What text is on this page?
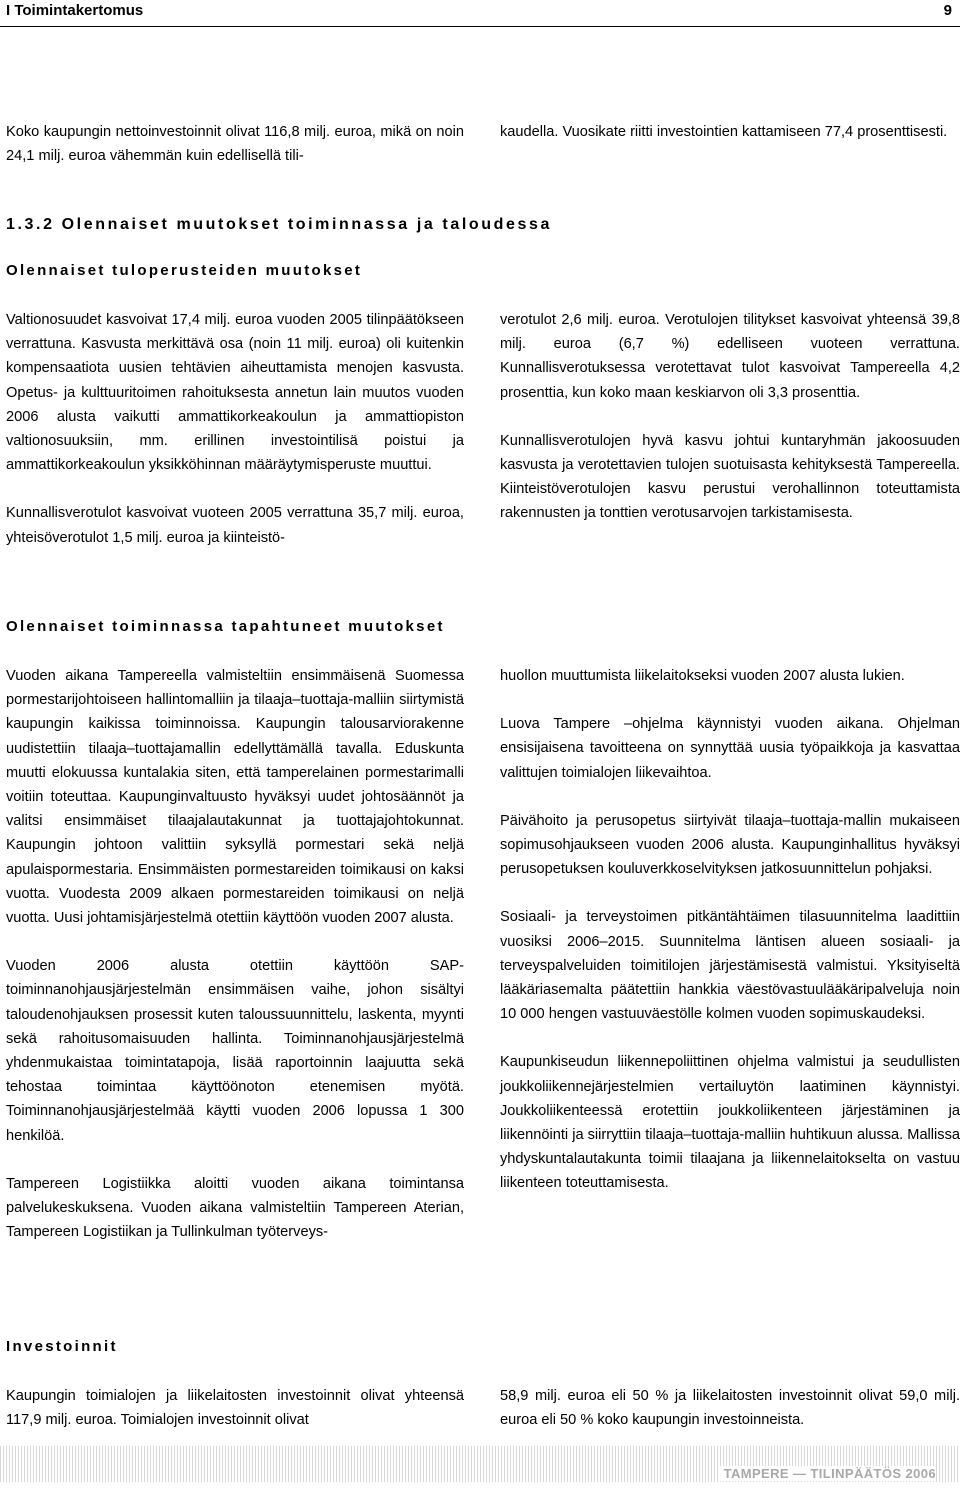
I Toimintakertomus	9

Koko kaupungin nettoinvestoinnit olivat 116,8 milj. euroa, mikä on noin 24,1 milj. euroa vähemmän kuin edellisellä tili-

kaudella. Vuosikate riitti investointien kattamiseen 77,4 prosenttisesti.

1.3.2 Olennaiset muutokset toiminnassa ja taloudessa
Olennaiset tuloperusteiden muutokset

Valtionosuudet kasvoivat 17,4 milj. euroa vuoden 2005 tilinpäätökseen verrattuna. Kasvusta merkittävä osa (noin 11 milj. euroa) oli kuitenkin kompensaatiota uusien tehtävien aiheuttamista menojen kasvusta. Opetus- ja kulttuuritoimen rahoituksesta annetun lain muutos vuoden 2006 alusta vaikutti ammattikorkeakoulun ja ammattiopiston valtionosuuksiin, mm. erillinen investointilisä poistui ja ammattikorkeakoulun yksikköhinnan määräytymisperuste muuttui.

Kunnallisverotulot kasvoivat vuoteen 2005 verrattuna 35,7 milj. euroa, yhteisöverotulot 1,5 milj. euroa ja kiinteistö-

verotulot 2,6 milj. euroa. Verotulojen tilitykset kasvoivat yhteensä 39,8 milj. euroa (6,7 %) edelliseen vuoteen verrattuna. Kunnallisverotuksessa verotettavat tulot kasvoivat Tampereella 4,2 prosenttia, kun koko maan keskiarvon oli 3,3 prosenttia.

Kunnallisverotulojen hyvä kasvu johtui kuntaryhmän jakoosuuden kasvusta ja verotettavien tulojen suotuisasta kehityksestä Tampereella. Kiinteistöverotulojen kasvu perustui verohallinnon toteuttamista rakennusten ja tonttien verotusarvojen tarkistamisesta.

Olennaiset toiminnassa tapahtuneet muutokset

Vuoden aikana Tampereella valmisteltiin ensimmäisenä Suomessa pormestarijohtoiseen hallintomalliin ja tilaaja–tuottaja-malliin siirtymistä kaupungin kaikissa toiminnoissa. Kaupungin talousarviorakenne uudistettiin tilaaja–tuottajamallin edellyttämällä tavalla. Eduskunta muutti elokuussa kuntalakia siten, että tamperelainen pormestarimalli voitiin toteuttaa. Kaupunginvaltuusto hyväksyi uudet johtosäännöt ja valitsi ensimmäiset tilaajalautakunnat ja tuottajajohtokunnat. Kaupungin johtoon valittiin syksyllä pormestari sekä neljä apulaispormestaria. Ensimmäisten pormestareiden toimikausi on kaksi vuotta. Vuodesta 2009 alkaen pormestareiden toimikausi on neljä vuotta. Uusi johtamisjärjestelmä otettiin käyttöön vuoden 2007 alusta.

Vuoden 2006 alusta otettiin käyttöön SAP-toiminnanohjausjärjestelmän ensimmäisen vaihe, johon sisältyi taloudenohjauksen prosessit kuten taloussuunnittelu, laskenta, myynti sekä rahoitusomaisuuden hallinta. Toiminnanohjausjärjestelmä yhdenmukaistaa toimintatapoja, lisää raportoinnin laajuutta sekä tehostaa toimintaa käyttöönoton etenemisen myötä. Toiminnanohjausjärjestelmää käytti vuoden 2006 lopussa 1 300 henkilöä.

Tampereen Logistiikka aloitti vuoden aikana toimintansa palvelukeskuksena. Vuoden aikana valmisteltiin Tampereen Aterian, Tampereen Logistiikan ja Tullinkulman työterveys-

huollon muuttumista liikelaitokseksi vuoden 2007 alusta lukien.

Luova Tampere –ohjelma käynnistyi vuoden aikana. Ohjelman ensisijaisena tavoitteena on synnyttää uusia työpaikkoja ja kasvattaa valittujen toimialojen liikevaihtoa.

Päivähoito ja perusopetus siirtyivät tilaaja–tuottaja-mallin mukaiseen sopimusohjaukseen vuoden 2006 alusta. Kaupunginhallitus hyväksyi perusopetuksen kouluverkkoselvityksen jatkosuunnittelun pohjaksi.

Sosiaali- ja terveystoimen pitkäntähtäimen tilasuunnitelma laadittiin vuosiksi 2006–2015. Suunnitelma läntisen alueen sosiaali- ja terveyspalveluiden toimitilojen järjestämisestä valmistui. Yksityiseltä lääkäriasemalta päätettiin hankkia väestövastuulääkäripalveluja noin 10 000 hengen vastuuväestölle kolmen vuoden sopimuskaudeksi.

Kaupunkiseudun liikennepoliittinen ohjelma valmistui ja seudullisten joukkoliikennejärjestelmien vertailuytön laatiminen käynnistyi. Joukkoliikenteessä erotettiin joukkoliikenteen järjestäminen ja liikennöinti ja siirryttiin tilaaja–tuottaja-malliin huhtikuun alussa. Mallissa yhdyskuntalautakunta toimii tilaajana ja liikennelaitokselta on vastuu liikenteen toteuttamisesta.

Investoinnit

Kaupungin toimialojen ja liikelaitosten investoinnit olivat yhteensä 117,9 milj. euroa. Toimialojen investoinnit olivat

58,9 milj. euroa eli 50 % ja liikelaitosten investoinnit olivat 59,0 milj. euroa eli 50 % koko kaupungin investoinneista.

TAMPERE — TILINPÄÄTÖS 2006
